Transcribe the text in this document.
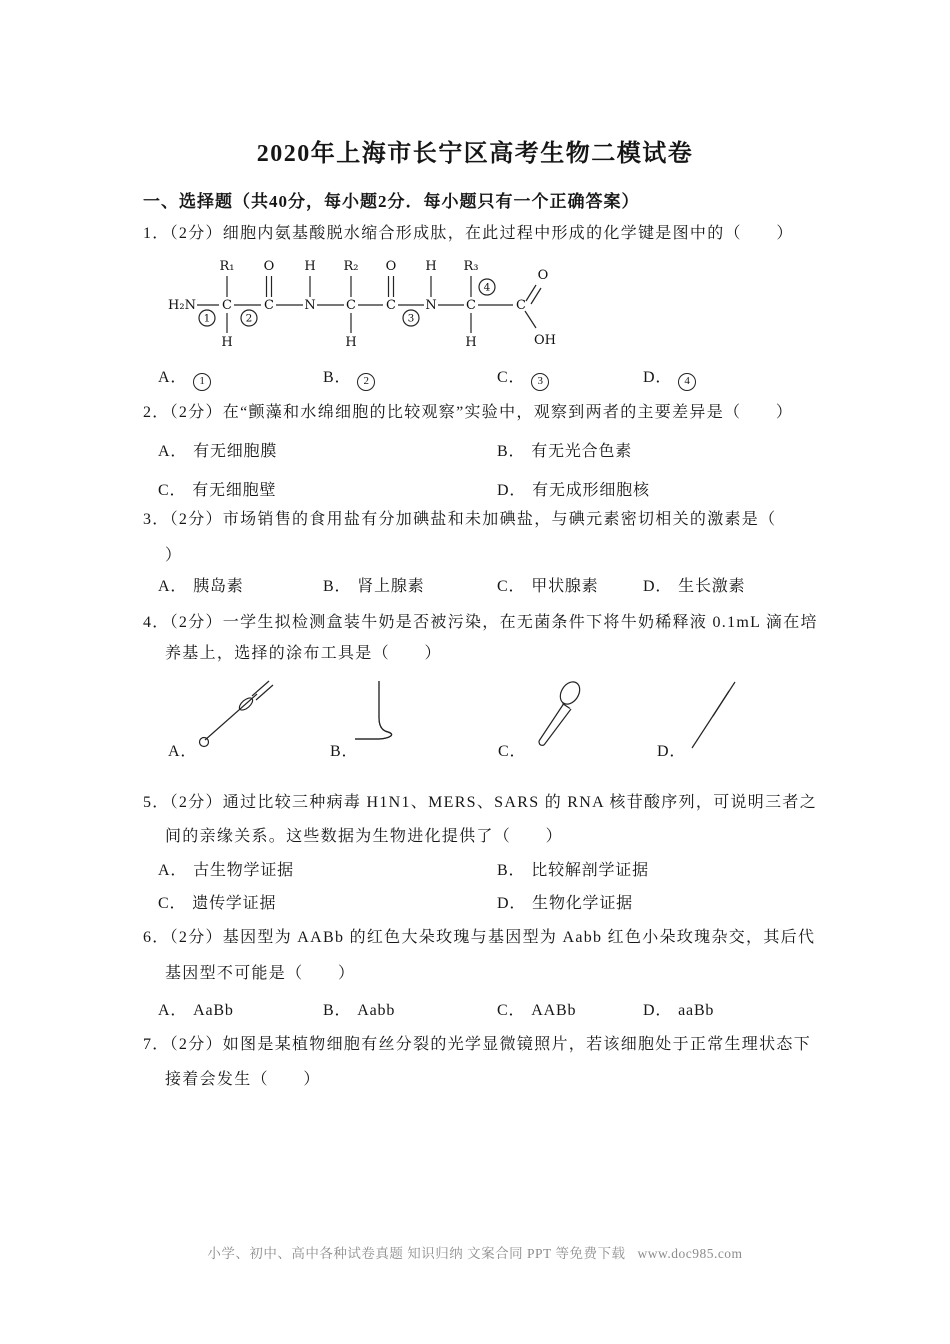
2020年上海市长宁区高考生物二模试卷
一、选择题（共40分，每小题2分．每小题只有一个正确答案）
1．（2分）细胞内氨基酸脱水缩合形成肽，在此过程中形成的化学键是图中的（　　）
H₂N C C N C C N C	C
R₁ O H R₂ O H R₃
O
H	H	H	OH
1	2	3
4
A． 1	B． 2	C． 3	D． 4
2．（2分）在“颤藻和水绵细胞的比较观察”实验中，观察到两者的主要差异是（　　）
A． 有无细胞膜	B． 有无光合色素
C． 有无细胞壁	D． 有无成形细胞核
3．（2分）市场销售的食用盐有分加碘盐和未加碘盐，与碘元素密切相关的激素是（
）
A． 胰岛素	B． 肾上腺素	C． 甲状腺素	D． 生长激素
4．（2分）一学生拟检测盒装牛奶是否被污染，在无菌条件下将牛奶稀释液 0.1mL 滴在培
养基上，选择的涂布工具是（　　）
A．	B．	C．	D．
5．（2分）通过比较三种病毒 H1N1、MERS、SARS 的 RNA 核苷酸序列，可说明三者之
间的亲缘关系。这些数据为生物进化提供了（　　）
A． 古生物学证据	B． 比较解剖学证据
C． 遗传学证据	D． 生物化学证据
6．（2分）基因型为 AABb 的红色大朵玫瑰与基因型为 Aabb 红色小朵玫瑰杂交，其后代
基因型不可能是（　　）
A． AaBb	B． Aabb	C． AABb	D． aaBb
7．（2分）如图是某植物细胞有丝分裂的光学显微镜照片，若该细胞处于正常生理状态下
接着会发生（　　）
小学、初中、高中各种试卷真题 知识归纳 文案合同 PPT 等免费下载 www.doc985.com
